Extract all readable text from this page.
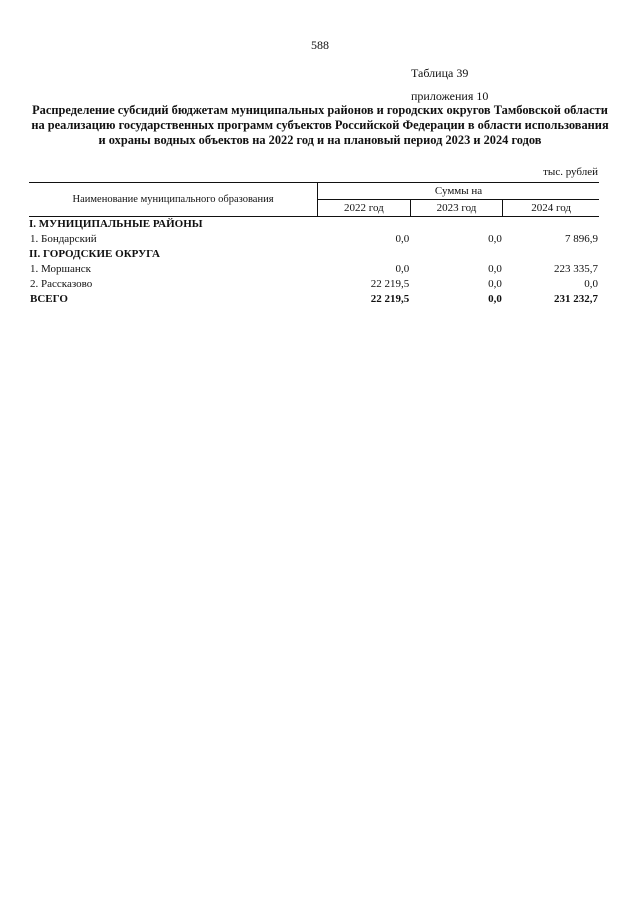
588
Таблица 39
приложения 10
Распределение субсидий бюджетам муниципальных районов и городских округов Тамбовской области на реализацию государственных программ субъектов Российской Федерации в области использования и охраны водных объектов на 2022 год и на плановый период 2023 и 2024 годов
тыс. рублей
Наименование муниципального образования	Суммы на		
	2022 год	2023 год	2024 год
I. МУНИЦИПАЛЬНЫЕ РАЙОНЫ			
1. Бондарский	0,0	0,0	7 896,9
II. ГОРОДСКИЕ ОКРУГА			
1. Моршанск	0,0	0,0	223 335,7
2. Рассказово	22 219,5	0,0	0,0
ВСЕГО	22 219,5	0,0	231 232,7
